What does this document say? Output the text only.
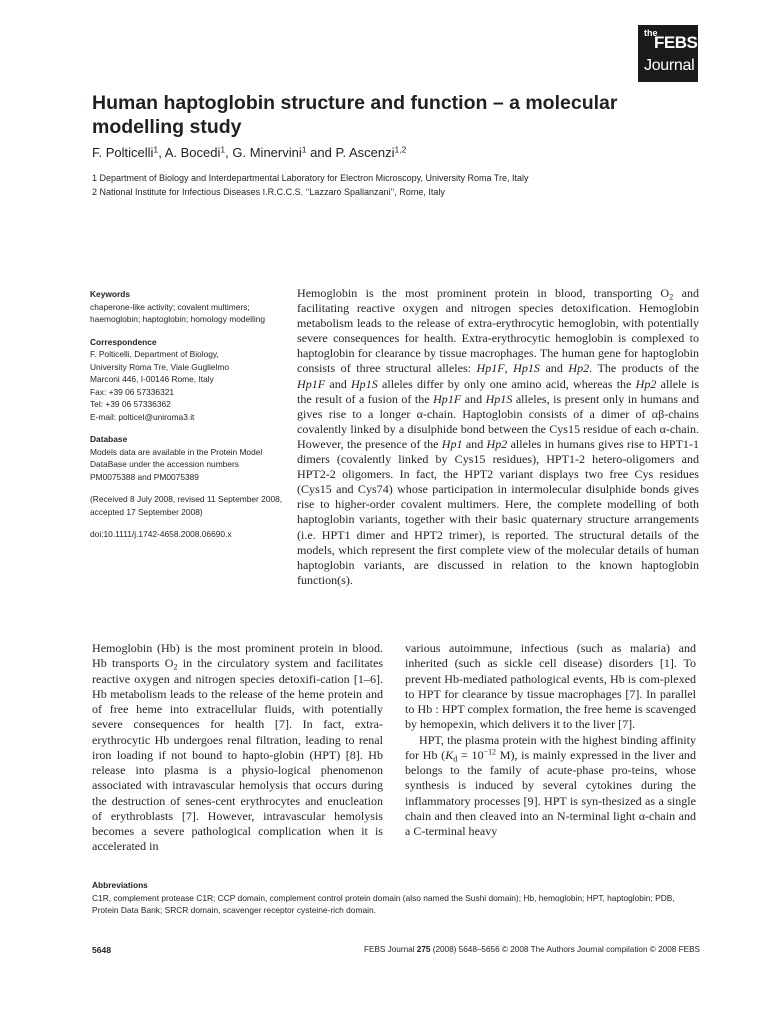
the
FEBS
Journal
Human haptoglobin structure and function – a molecular modelling study
F. Polticelli$^1$, A. Bocedi$^1$, G. Minervini$^1$ and P. Ascenzi$^{1,2}$
1 Department of Biology and Interdepartmental Laboratory for Electron Microscopy, University Roma Tre, Italy
2 National Institute for Infectious Diseases I.R.C.C.S. ‘‘Lazzaro Spallanzani’’, Rome, Italy
Keywords

chaperone-like activity; covalent multimers; haemoglobin; haptoglobin; homology modelling

Correspondence

F. Polticelli, Department of Biology,

University Roma Tre, Viale Guglielmo

Marconi 446, I-00146 Rome, Italy

Fax: +39 06 57336321

Tel: +39 06 57336362

E-mail: polticel@uniroma3.it

Database

Models data are available in the Protein Model DataBase under the accession numbers PM0075388 and PM0075389

(Received 8 July 2008, revised 11 September 2008, accepted 17 September 2008)

doi:10.1111/j.1742-4658.2008.06690.x

Hemoglobin is the most prominent protein in blood, transporting $O_2$ and facilitating reactive oxygen and nitrogen species detoxification. Hemoglobin metabolism leads to the release of extra-erythrocytic hemoglobin, with potentially severe consequences for health. Extra-erythrocytic hemoglobin is complexed to haptoglobin for clearance by tissue macrophages. The human gene for haptoglobin consists of three structural alleles: Hp1F, Hp1S and Hp2. The products of the Hp1F and Hp1S alleles differ by only one amino acid, whereas the Hp2 allele is the result of a fusion of the Hp1F and Hp1S alleles, is present only in humans and gives rise to a longer α-chain. Haptoglobin consists of a dimer of αβ-chains covalently linked by a disulphide bond between the Cys15 residue of each α-chain. However, the presence of the Hp1 and Hp2 alleles in humans gives rise to HPT1-1 dimers (covalently linked by Cys15 residues), HPT1-2 hetero-oligomers and HPT2-2 oligomers. In fact, the HPT2 variant displays two free Cys residues (Cys15 and Cys74) whose participation in intermolecular disulphide bonds gives rise to higher-order covalent multimers. Here, the complete modelling of both haptoglobin variants, together with their basic quaternary structure arrangements (i.e. HPT1 dimer and HPT2 trimer), is reported. The structural details of the models, which represent the first complete view of the molecular details of human haptoglobin variants, are discussed in relation to the known haptoglobin function(s).

Hemoglobin (Hb) is the most prominent protein in blood. Hb transports $O_2$ in the circulatory system and facilitates reactive oxygen and nitrogen species detoxifi-cation [1–6]. Hb metabolism leads to the release of the heme protein and of free heme into extracellular fluids, with potentially severe consequences for health [7]. In fact, extra-erythrocytic Hb undergoes renal filtration, leading to renal iron loading if not bound to hapto-globin (HPT) [8]. Hb release into plasma is a physio-logical phenomenon associated with intravascular hemolysis that occurs during the destruction of senes-cent erythrocytes and enucleation of erythroblasts [7]. However, intravascular hemolysis becomes a severe pathological complication when it is accelerated in

various autoimmune, infectious (such as malaria) and inherited (such as sickle cell disease) disorders [1]. To prevent Hb-mediated pathological events, Hb is com-plexed to HPT for clearance by tissue macrophages [7]. In parallel to Hb : HPT complex formation, the free heme is scavenged by hemopexin, which delivers it to the liver [7].

HPT, the plasma protein with the highest binding affinity for Hb ($K_d = 10^{-12}$ M), is mainly expressed in the liver and belongs to the family of acute-phase pro-teins, whose synthesis is induced by several cytokines during the inflammatory processes [9]. HPT is syn-thesized as a single chain and then cleaved into an N-terminal light α-chain and a C-terminal heavy

Abbreviations

C1R, complement protease C1R; CCP domain, complement control protein domain (also named the Sushi domain); Hb, hemoglobin; HPT, haptoglobin; PDB, Protein Data Bank; SRCR domain, scavenger receptor cysteine-rich domain.

5648	FEBS Journal 275 (2008) 5648–5656 © 2008 The Authors Journal compilation © 2008 FEBS
